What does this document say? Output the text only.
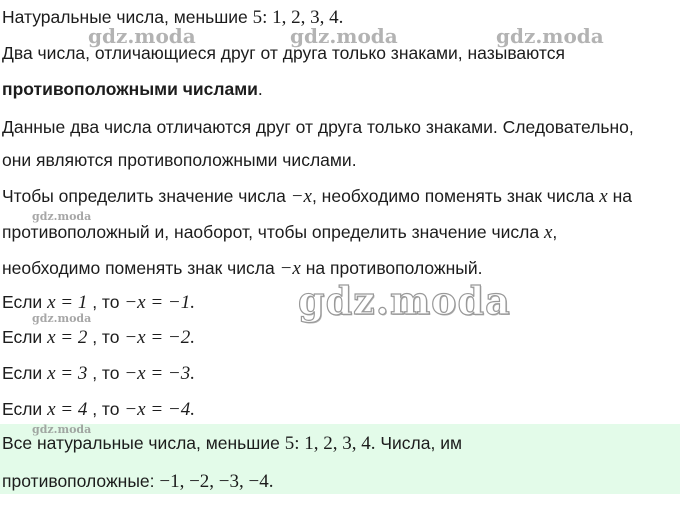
Натуральные числа, меньшие 5: 1, 2, 3, 4.
Два числа, отличающиеся друг от друга только знаками, называются
противоположными числами.
Данные два числа отличаются друг от друга только знаками. Следовательно,
они являются противоположными числами.
Чтобы определить значение числа −x, необходимо поменять знак числа x на
противоположный и, наоборот, чтобы определить значение числа x,
необходимо поменять знак числа −x на противоположный.
Если x = 1 , то −x = −1.
Если x = 2 , то −x = −2.
Если x = 3 , то −x = −3.
Если x = 4 , то −x = −4.
Все натуральные числа, меньшие 5: 1, 2, 3, 4. Числа, им
противоположные: −1, −2, −3, −4.
gdz.moda	gdz.moda	gdz.moda
gdz.moda
gdz.moda
gdz.moda
gdz.moda
